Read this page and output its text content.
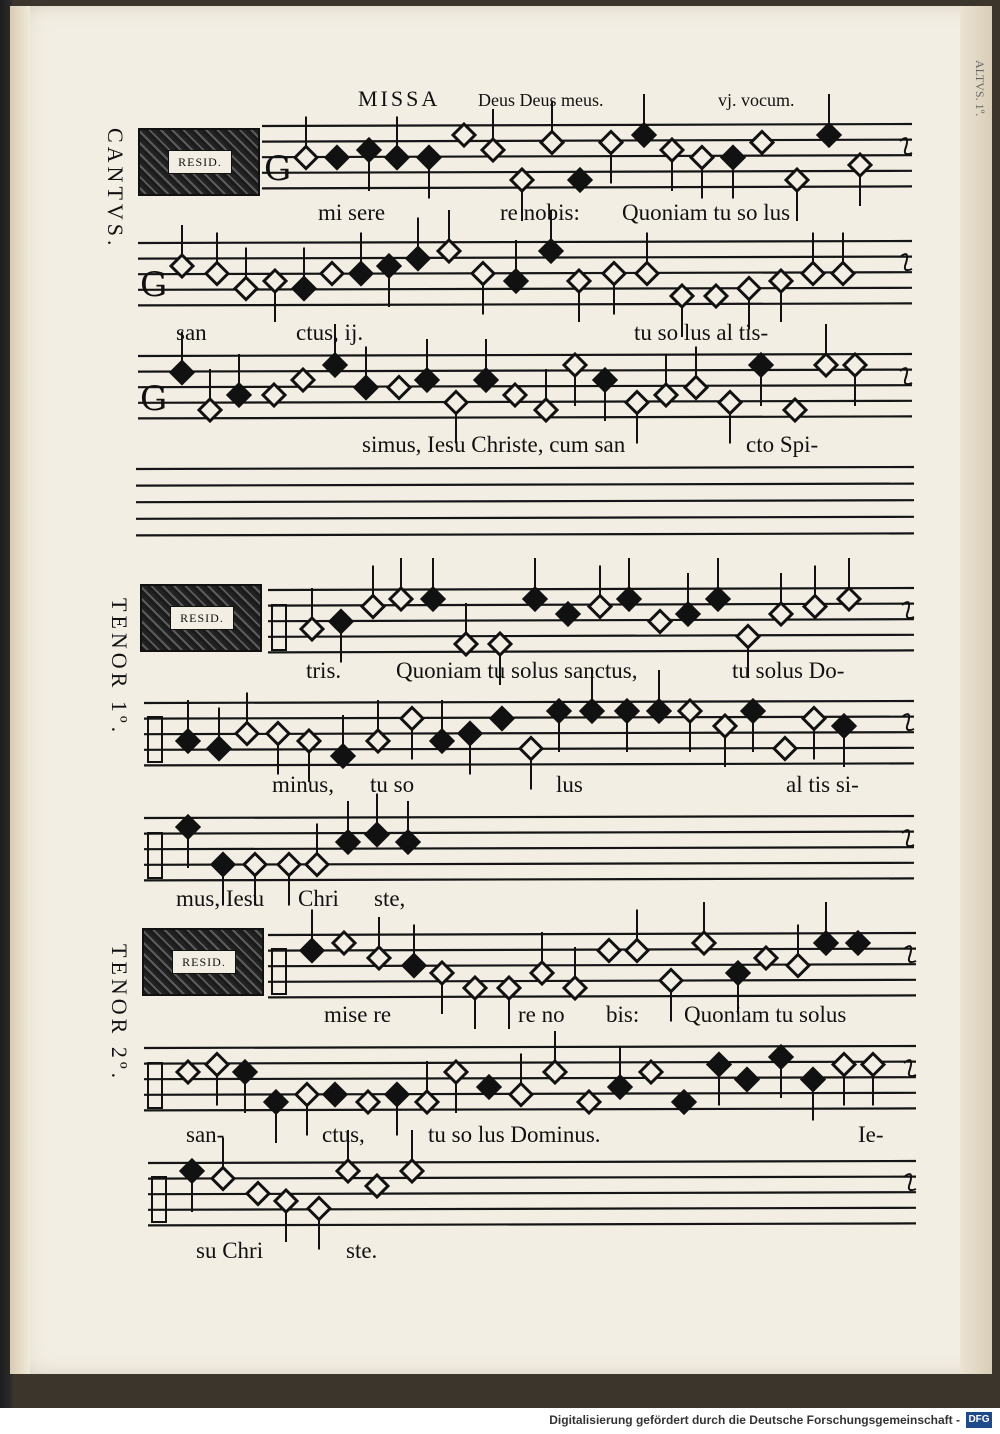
ALTVS. 1º.
MISSA Deus Deus meus.	vj. vocum.
CANTVS.
TENOR 1º.
TENOR 2º.
RESID.
RESID.
RESID.
G
G
G
mi sere	re nobis: Quoniam tu so lus
san	ctus, ij.	tu so lus al tis-
simus, Iesu Christe, cum san	cto Spi-
tris. Quoniam tu solus sanctus,	tu solus Do-
minus, tu so	lus	al tis si-
mus, Iesu Chri ste,
mise re	re no bis: Quoniam tu solus
san-	ctus,	tu so lus Dominus.	Ie-
su Chri	ste.
Digitalisierung gefördert durch die Deutsche Forschungsgemeinschaft - DFG
